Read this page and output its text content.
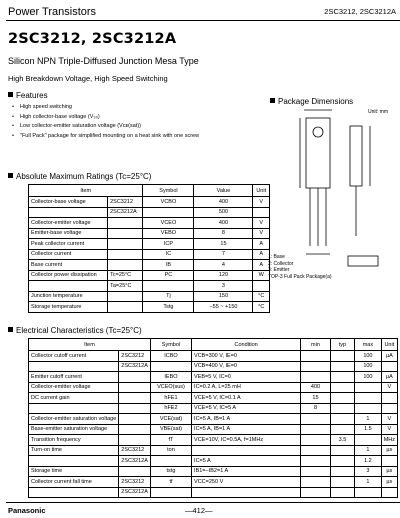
Power Transistors	2SC3212, 2SC3212A
2SC3212, 2SC3212A
Silicon NPN Triple-Diffused Junction Mesa Type
High Breakdown Voltage, High Speed Switching
Features
• High speed switching
• High collector-base voltage (V₃₀)
• Low collector-emitter saturation voltage (Vᴄᴇ(sat))
• "Full Pack" package for simplified mounting on a heat sink with one screw
Package Dimensions
Unit: mm
1: Base
2: Collector
3: Emitter
TOP-3 Full Pack Package(a)
Absolute Maximum Ratings (Tc=25°C)
Item		Symbol	Value	Unit
Collector-base voltage	2SC3212	VCBO	400	V
	2SC3212A		500	
Collector-emitter voltage		VCEO	400	V
Emitter-base voltage		VEBO	8	V
Peak collector current		ICP	15	A
Collector current		IC	7	A
Base current		IB	4	A
Collector power dissipation	Tc=25°C	PC	120	W
	Ta=25°C		3	
Junction temperature		Tj	150	°C
Storage temperature		Tstg	−55 ~ +150	°C
Electrical Characteristics (Tc=25°C)
Item		Symbol	Condition	min	typ	max	Unit
Collector cutoff current	2SC3212	ICBO	VCB=300 V, IE=0			100	µA
	2SC3212A		VCB=400 V, IE=0			100	
Emitter cutoff current		IEBO	VEB=5 V, IC=0			100	µA
Collector-emitter voltage		VCEO(sus)	IC=0.2 A, L=25 mH	400			V
DC current gain		hFE1	VCE=5 V, IC=0.1 A	15			
		hFE2	VCE=5 V, IC=5 A	8			
Collector-emitter saturation voltage		VCE(sat)	IC=5 A, IB=1 A			1	V
Base-emitter saturation voltage		VBE(sat)	IC=5 A, IB=1 A			1.5	V
Transition frequency		fT	VCE=10V, IC=0.5A, f=1MHz		3.5		MHz
Turn-on time	2SC3212	ton				1	µs
	2SC3212A		IC=5 A			1.2	
Storage time		tstg	IB1=−IB2=1 A			3	µs
Collector current fall time	2SC3212	tf	VCC=250 V			1	µs
	2SC3212A						
Panasonic	—412—
